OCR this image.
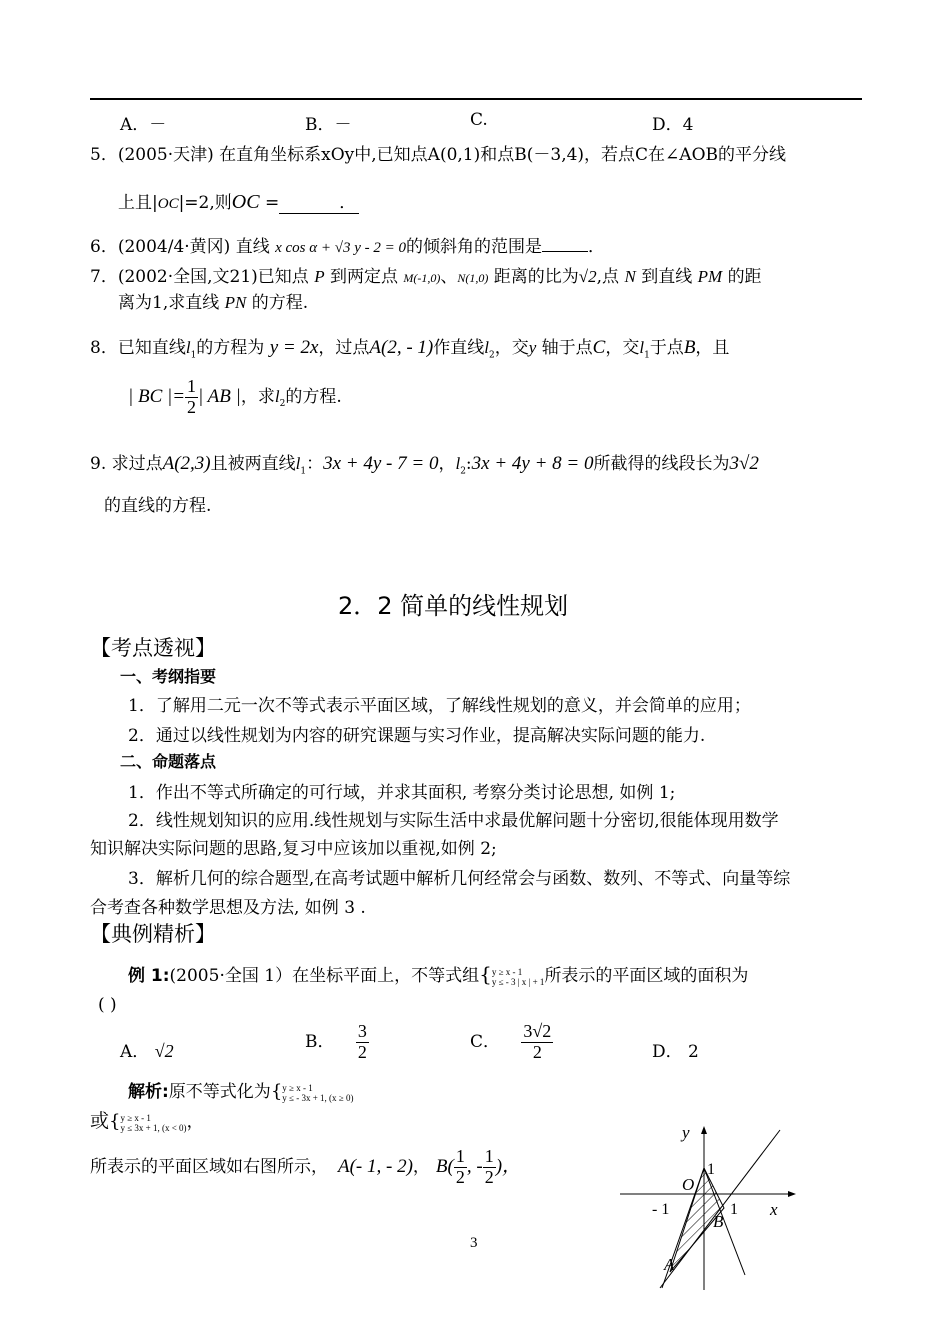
A．－	B．－	C.	D．4
5．(2005·天津) 在直角坐标系xOy中,已知点A(0,1)和点B(－3,4)，若点C在∠AOB的平分线
上且|OC|=2,则OC =	．
6．(2004/4·黄冈) 直线 x cos α + √3 y - 2 = 0的倾斜角的范围是	．
7．(2002·全国,文21)已知点 P 到两定点 M(-1,0)、N(1,0) 距离的比为√2,点 N 到直线 PM 的距
离为1,求直线 PN 的方程.
8．已知直线$l_1$的方程为 y = 2x，过点A(2, - 1)作直线$l_2$，交y 轴于点C，交$l_1$于点B，且
| BC |= $\frac{1}{2}$ | AB |，求$l_2$的方程.
9. 求过点A(2,3)且被两直线$l_1$：3x + 4y - 7 = 0，$l_2:3x + 4y + 8 = 0$所截得的线段长为3√2
的直线的方程.
2．2 简单的线性规划
【考点透视】
一、考纲指要
1．了解用二元一次不等式表示平面区域，了解线性规划的意义，并会简单的应用；
2．通过以线性规划为内容的研究课题与实习作业，提高解决实际问题的能力.
二、命题落点
1．作出不等式所确定的可行域，并求其面积, 考察分类讨论思想, 如例 1;
2．线性规划知识的应用.线性规划与实际生活中求最优解问题十分密切,很能体现用数学
知识解决实际问题的思路,复习中应该加以重视,如例 2;
3．解析几何的综合题型,在高考试题中解析几何经常会与函数、数列、不等式、向量等综
合考查各种数学思想及方法, 如例 3 .
【典例精析】
例 1:(2005·全国 1）在坐标平面上，不等式组{ y ≥ x - 1
y ≤ - 3 | x | + 1 所表示的平面区域的面积为
( )
A． √2	B． $\frac{3}{2}$	C． $\frac{3√2}{2}$	D． 2
解析:原不等式化为{ y ≥ x - 1
y ≤ - 3x + 1, (x ≥ 0)
或{ y ≥ x - 1
y ≤ 3x + 1, (x < 0) ，
所表示的平面区域如右图所示， A(- 1, - 2)， $B( \frac{1}{2}$ , - $\frac{1}{2}$ )，
y
x
O
1
- 1	1
B
A
3
